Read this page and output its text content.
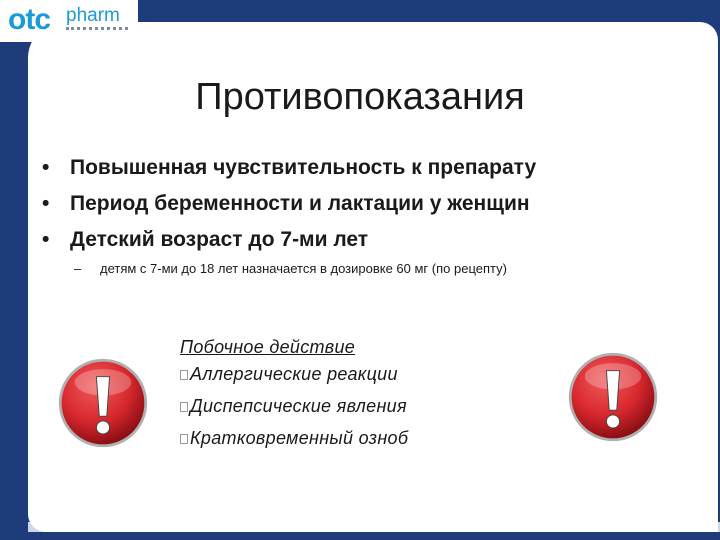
otc pharm
Противопоказания
• Повышенная чувствительность к препарату
• Период беременности и лактации у женщин
• Детский возраст до 7-ми лет
– детям с 7-ми до 18 лет назначается в дозировке 60 мг (по рецепту)
Побочное действие
Аллергические реакции
Диспепсические явления
Кратковременный озноб
